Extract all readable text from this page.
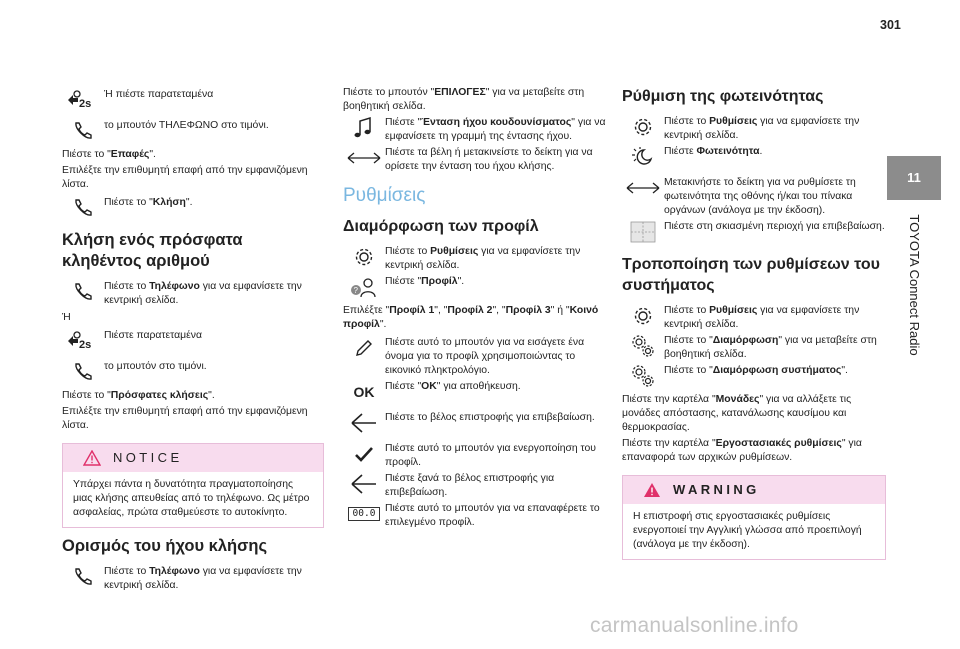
301
11
TOYOTA Connect Radio
2s
Ή πιέστε παρατεταμένα
το μπουτόν ΤΗΛΕΦΩΝΟ στο τιμόνι.
Πιέστε το "Επαφές".
Επιλέξτε την επιθυμητή επαφή από την εμφανιζόμενη λίστα.
Πιέστε το "Κλήση".
Κλήση ενός πρόσφατα κληθέντος αριθμού
Πιέστε το Τηλέφωνο για να εμφανίσετε την κεντρική σελίδα.
Ή
2s
Πιέστε παρατεταμένα
το μπουτόν στο τιμόνι.
Πιέστε το "Πρόσφατες κλήσεις".
Επιλέξτε την επιθυμητή επαφή από την εμφανιζόμενη λίστα.
NOTICE
Υπάρχει πάντα η δυνατότητα πραγματοποίησης μιας κλήσης απευθείας από το τηλέφωνο. Ως μέτρο ασφαλείας, πρώτα σταθμεύεστε το αυτοκίνητο.
Ορισμός του ήχου κλήσης
Πιέστε το Τηλέφωνο για να εμφανίσετε την κεντρική σελίδα.
Πιέστε το μπουτόν "ΕΠΙΛΟΓΕΣ" για να μεταβείτε στη βοηθητική σελίδα.
Πιέστε "Ένταση ήχου κουδουνίσματος" για να εμφανίσετε τη γραμμή της έντασης ήχου.
Πιέστε τα βέλη ή μετακινείστε το δείκτη για να ορίσετε την ένταση του ήχου κλήσης.
Ρυθμίσεις
Διαμόρφωση των προφίλ
Πιέστε το Ρυθμίσεις για να εμφανίσετε την κεντρική σελίδα.
?
Πιέστε "Προφίλ".
Επιλέξτε "Προφίλ 1", "Προφίλ 2", "Προφίλ 3" ή "Κοινό προφίλ".
Πιέστε αυτό το μπουτόν για να εισάγετε ένα όνομα για το προφίλ χρησιμοποιώντας το εικονικό πληκτρολόγιο.
OK Πιέστε "OK" για αποθήκευση.
Πιέστε το βέλος επιστροφής για επιβεβαίωση.
Πιέστε αυτό το μπουτόν για ενεργοποίηση του προφίλ.
Πιέστε ξανά το βέλος επιστροφής για επιβεβαίωση.
00.0 Πιέστε αυτό το μπουτόν για να επαναφέρετε το επιλεγμένο προφίλ.
Ρύθμιση της φωτεινότητας
Πιέστε το Ρυθμίσεις για να εμφανίσετε την κεντρική σελίδα.
Πιέστε Φωτεινότητα.
Μετακινήστε το δείκτη για να ρυθμίσετε τη φωτεινότητα της οθόνης ή/και του πίνακα οργάνων (ανάλογα με την έκδοση).
Πιέστε στη σκιασμένη περιοχή για επιβεβαίωση.
Τροποποίηση των ρυθμίσεων του συστήματος
Πιέστε το Ρυθμίσεις για να εμφανίσετε την κεντρική σελίδα.
Πιέστε το "Διαμόρφωση" για να μεταβείτε στη βοηθητική σελίδα.
Πιέστε το "Διαμόρφωση συστήματος".
Πιέστε την καρτέλα "Μονάδες" για να αλλάξετε τις μονάδες απόστασης, κατανάλωσης καυσίμου και θερμοκρασίας.
Πιέστε την καρτέλα "Εργοστασιακές ρυθμίσεις" για επαναφορά των αρχικών ρυθμίσεων.
WARNING
Η επιστροφή στις εργοστασιακές ρυθμίσεις ενεργοποιεί την Αγγλική γλώσσα από προεπιλογή (ανάλογα με την έκδοση).
carmanualsonline.info
